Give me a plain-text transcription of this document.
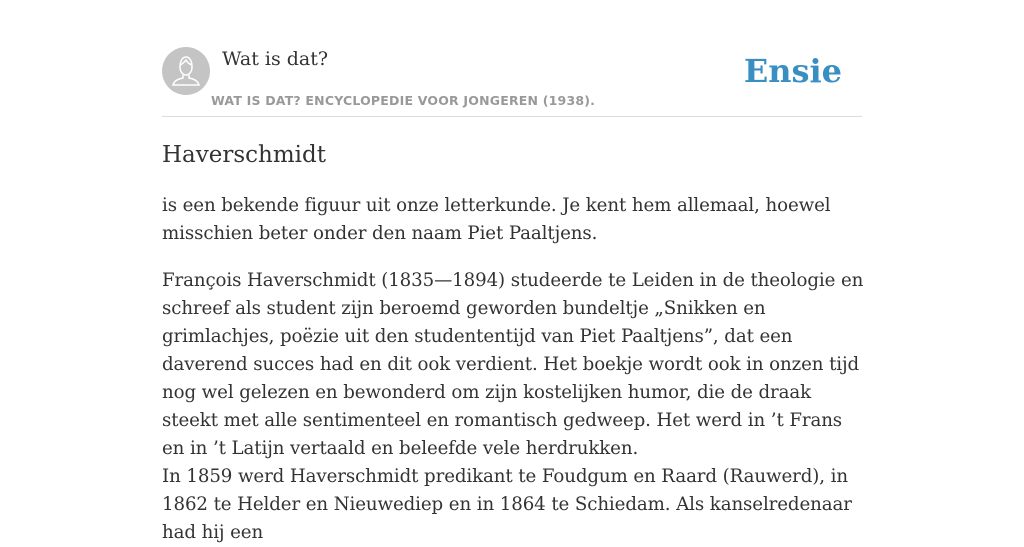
Wat is dat?
WAT IS DAT? ENCYCLOPEDIE VOOR JONGEREN (1938).
Ensie
Haverschmidt

is een bekende figuur uit onze letterkunde. Je kent hem allemaal, hoewel misschien beter onder den naam Piet Paaltjens.

François Haverschmidt (1835—1894) studeerde te Leiden in de theologie en schreef als student zijn beroemd geworden bundeltje „Snikken en grimlachjes, poëzie uit den studententijd van Piet Paaltjens”, dat een daverend succes had en dit ook verdient. Het boekje wordt ook in onzen tijd nog wel gelezen en bewonderd om zijn kostelijken humor, die de draak steekt met alle sentimenteel en romantisch gedweep. Het werd in ’t Frans en in ’t Latijn vertaald en beleefde vele herdrukken.

In 1859 werd Haverschmidt predikant te Foudgum en Raard (Rauwerd), in 1862 te Helder en Nieuwediep en in 1864 te Schiedam. Als kanselredenaar had hij een
